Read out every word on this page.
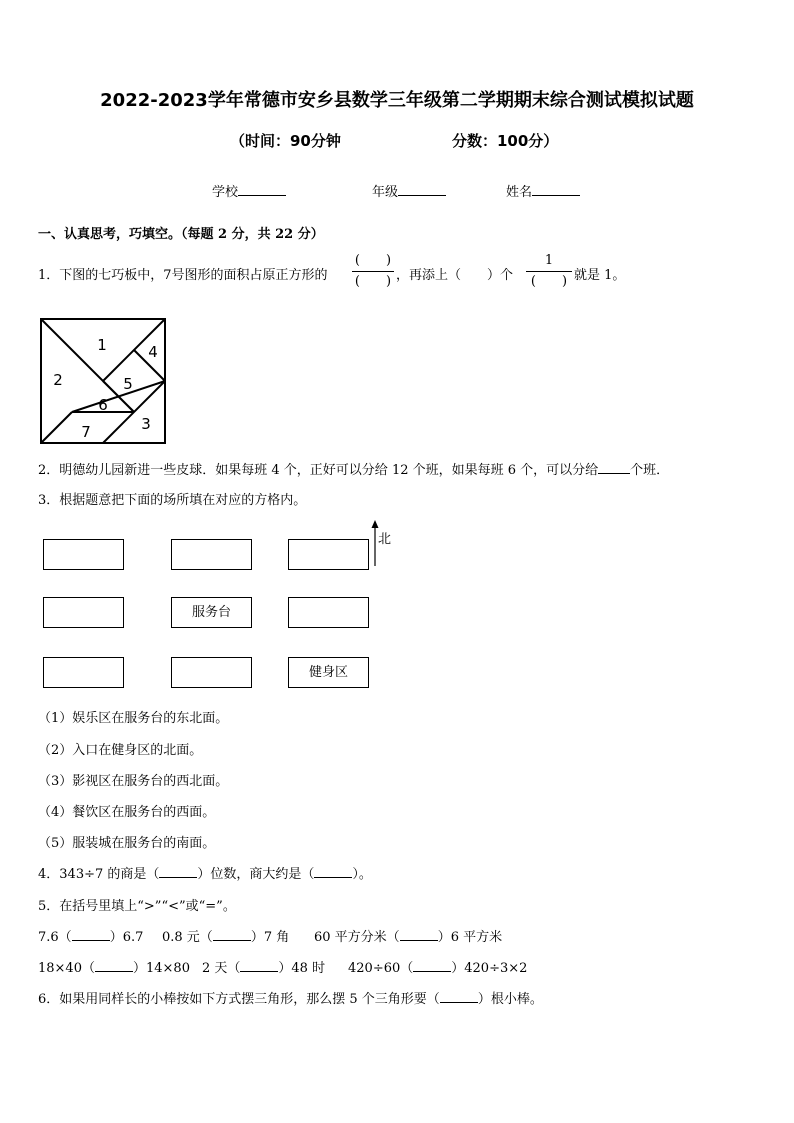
2022-2023学年常德市安乡县数学三年级第二学期期末综合测试模拟试题
（时间：90分钟	分数：100分）
学校	年级	姓名
一、认真思考，巧填空。（每题 2 分，共 22 分）
1．下图的七巧板中，7号图形的面积占原正方形的
(　　)
(　　) ，再添上（　　）个
1
(　　) 就是 1。
1
2
3
4
5
6
7
2．明德幼儿园新进一些皮球．如果每班 4 个，正好可以分给 12 个班，如果每班 6 个，可以分给 个班．
3．根据题意把下面的场所填在对应的方格内。
服务台
健身区
北
（1）娱乐区在服务台的东北面。
（2）入口在健身区的北面。
（3）影视区在服务台的西北面。
（4）餐饮区在服务台的西面。
（5）服装城在服务台的南面。
4．343÷7 的商是（	）位数，商大约是（	）。
5．在括号里填上“>”“<”或“=”。
7.6（	）6.7 0.8 元（	）7 角 60 平方分米（	）6 平方米
18×40（	）14×80 2 天（	）48 时 420÷60（	）420÷3×2
6．如果用同样长的小棒按如下方式摆三角形，那么摆 5 个三角形要（	）根小棒。
